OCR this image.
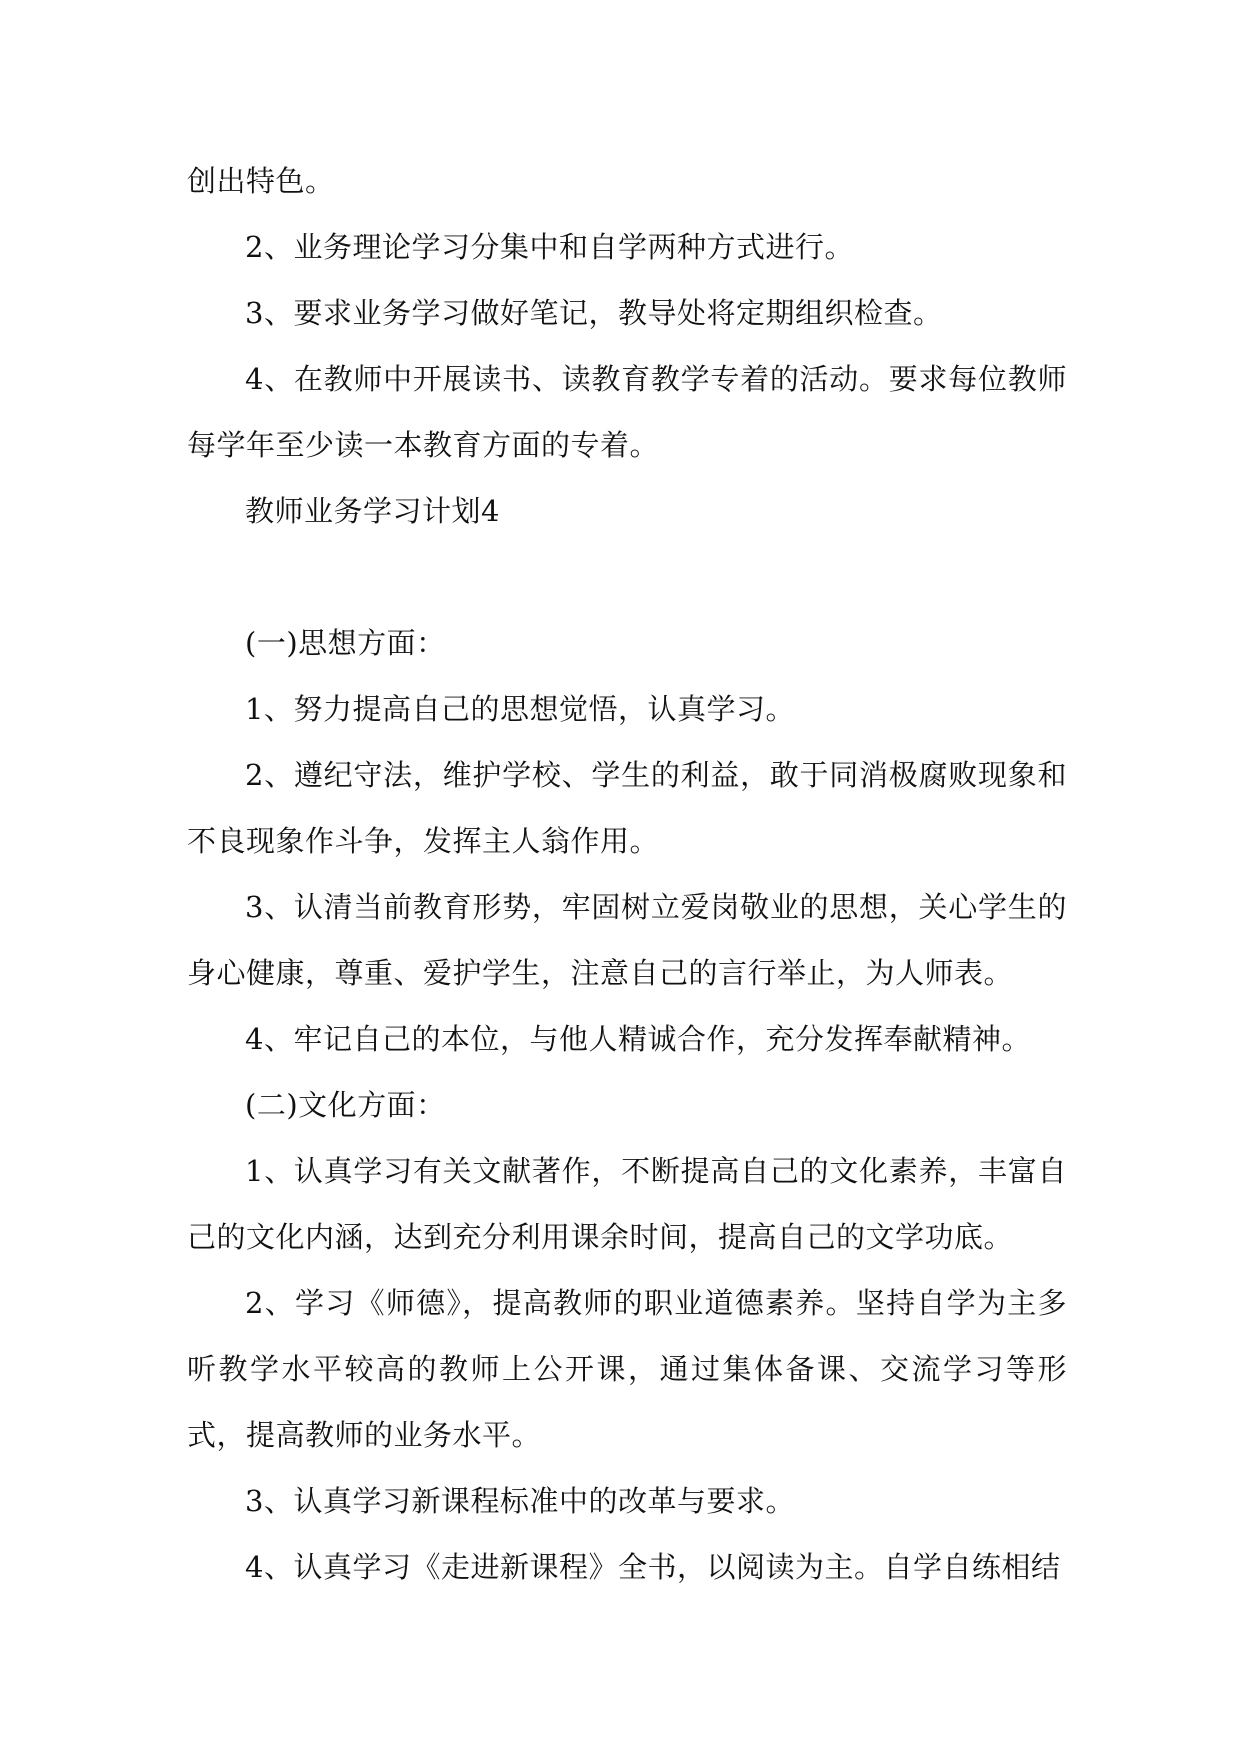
创出特色。

2、业务理论学习分集中和自学两种方式进行。

3、要求业务学习做好笔记，教导处将定期组织检查。

4、在教师中开展读书、读教育教学专着的活动。要求每位教师每学年至少读一本教育方面的专着。

教师业务学习计划4

(一)思想方面：

1、努力提高自己的思想觉悟，认真学习。

2、遵纪守法，维护学校、学生的利益，敢于同消极腐败现象和不良现象作斗争，发挥主人翁作用。

3、认清当前教育形势，牢固树立爱岗敬业的思想，关心学生的身心健康，尊重、爱护学生，注意自己的言行举止，为人师表。

4、牢记自己的本位，与他人精诚合作，充分发挥奉献精神。

(二)文化方面：

1、认真学习有关文献著作，不断提高自己的文化素养，丰富自己的文化内涵，达到充分利用课余时间，提高自己的文学功底。

2、学习《师德》，提高教师的职业道德素养。坚持自学为主多听教学水平较高的教师上公开课，通过集体备课、交流学习等形式，提高教师的业务水平。

3、认真学习新课程标准中的改革与要求。

4、认真学习《走进新课程》全书，以阅读为主。自学自练相结
